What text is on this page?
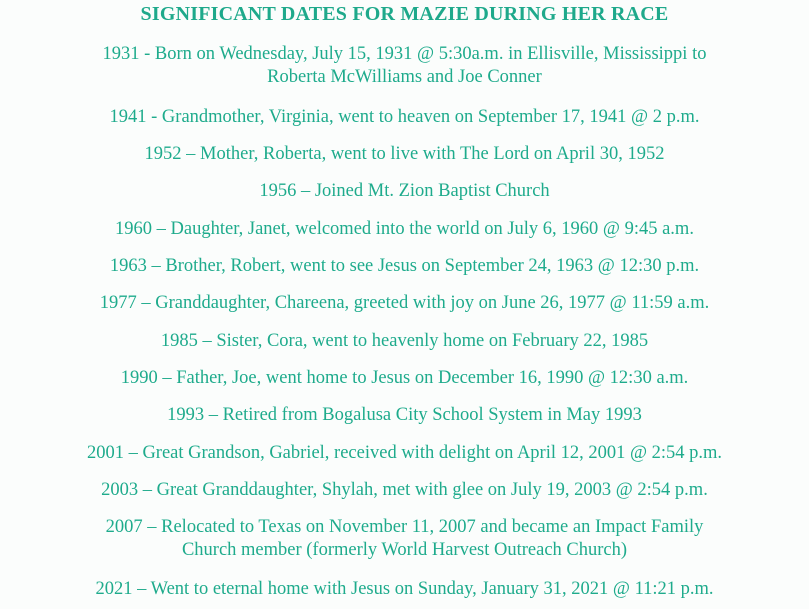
SIGNIFICANT DATES FOR MAZIE DURING HER RACE
1931 - Born on Wednesday, July 15, 1931 @ 5:30a.m. in Ellisville, Mississippi to
Roberta McWilliams and Joe Conner
1941 - Grandmother, Virginia, went to heaven on September 17, 1941 @ 2 p.m.
1952 – Mother, Roberta, went to live with The Lord on April 30, 1952
1956 – Joined Mt. Zion Baptist Church
1960 – Daughter, Janet, welcomed into the world on July 6, 1960 @ 9:45 a.m.
1963 – Brother, Robert, went to see Jesus on September 24, 1963 @ 12:30 p.m.
1977 – Granddaughter, Chareena, greeted with joy on June 26, 1977 @ 11:59 a.m.
1985 – Sister, Cora, went to heavenly home on February 22, 1985
1990 – Father, Joe, went home to Jesus on December 16, 1990 @ 12:30 a.m.
1993 – Retired from Bogalusa City School System in May 1993
2001 – Great Grandson, Gabriel, received with delight on April 12, 2001 @ 2:54 p.m.
2003 – Great Granddaughter, Shylah, met with glee on July 19, 2003 @ 2:54 p.m.
2007 – Relocated to Texas on November 11, 2007 and became an Impact Family
Church member (formerly World Harvest Outreach Church)
2021 – Went to eternal home with Jesus on Sunday, January 31, 2021 @ 11:21 p.m.
